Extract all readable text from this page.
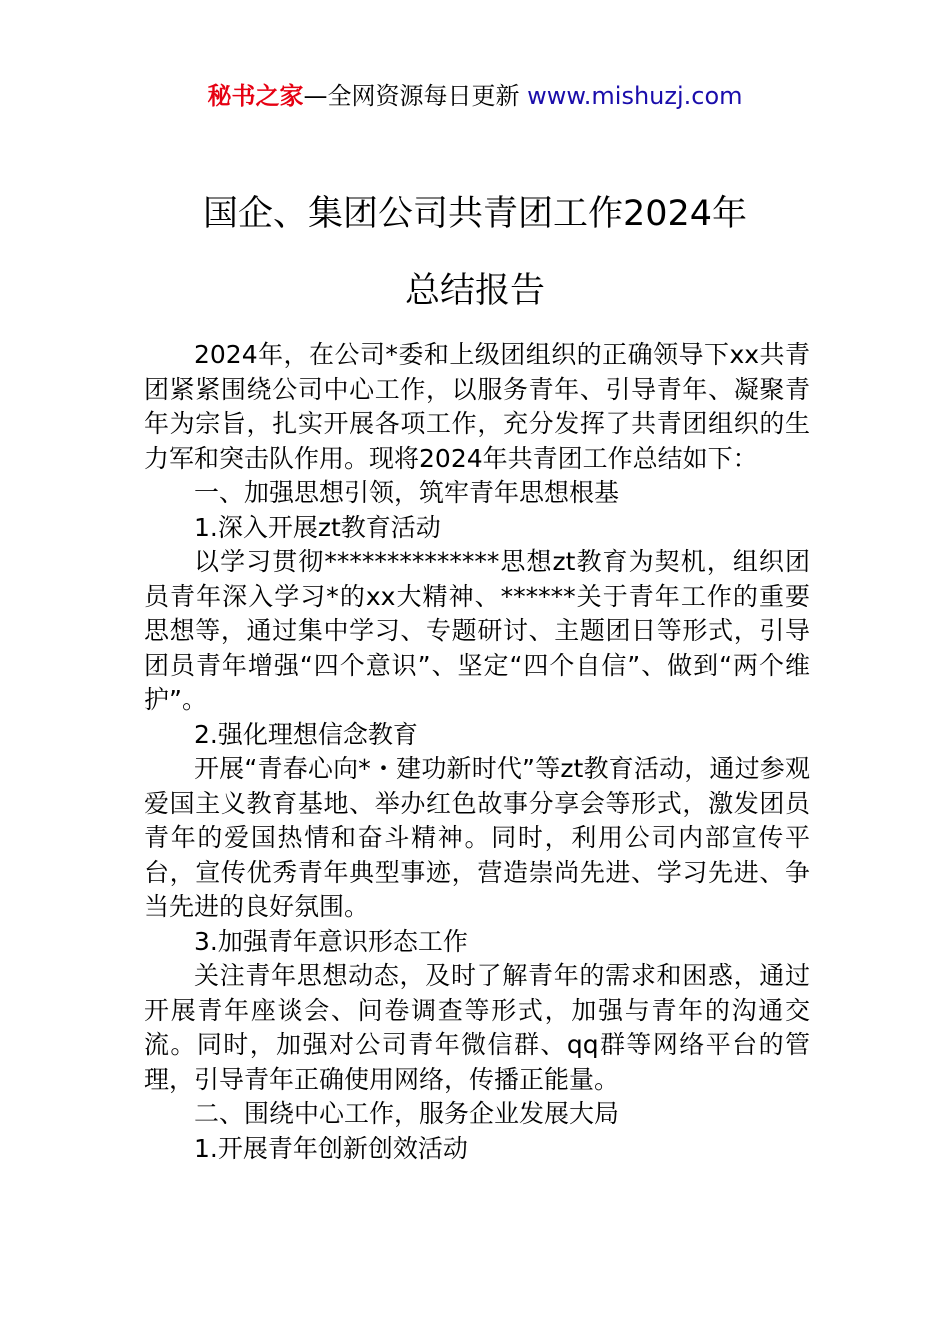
秘书之家—全网资源每日更新 www.mishuzj.com
国企、集团公司共青团工作2024年
总结报告

2024年，在公司*委和上级团组织的正确领导下xx共青团紧紧围绕公司中心工作，以服务青年、引导青年、凝聚青年为宗旨，扎实开展各项工作，充分发挥了共青团组织的生力军和突击队作用。现将2024年共青团工作总结如下：

一、加强思想引领，筑牢青年思想根基

1.深入开展zt教育活动

以学习贯彻**************思想zt教育为契机，组织团员青年深入学习*的xx大精神、******关于青年工作的重要思想等，通过集中学习、专题研讨、主题团日等形式，引导团员青年增强“四个意识”、坚定“四个自信”、做到“两个维护”。

2.强化理想信念教育

开展“青春心向*・建功新时代”等zt教育活动，通过参观爱国主义教育基地、举办红色故事分享会等形式，激发团员青年的爱国热情和奋斗精神。同时，利用公司内部宣传平台，宣传优秀青年典型事迹，营造崇尚先进、学习先进、争当先进的良好氛围。

3.加强青年意识形态工作

关注青年思想动态，及时了解青年的需求和困惑，通过开展青年座谈会、问卷调查等形式，加强与青年的沟通交流。同时，加强对公司青年微信群、qq群等网络平台的管理，引导青年正确使用网络，传播正能量。

二、围绕中心工作，服务企业发展大局

1.开展青年创新创效活动
